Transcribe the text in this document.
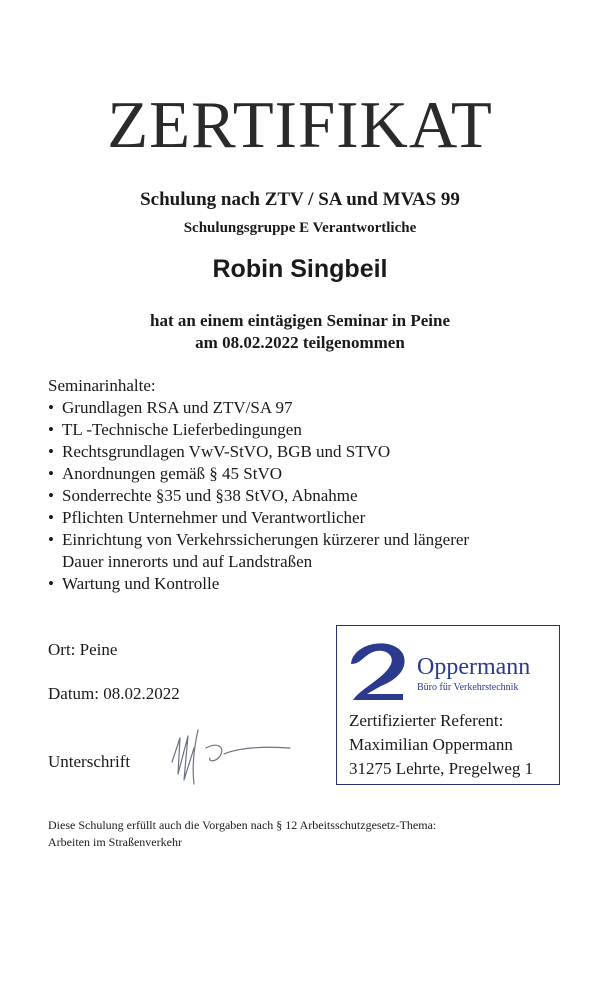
ZERTIFIKAT
Schulung nach ZTV / SA und MVAS 99
Schulungsgruppe E Verantwortliche
Robin Singbeil
hat an einem eintägigen Seminar in Peine
am 08.02.2022 teilgenommen
Seminarinhalte:
• Grundlagen RSA und ZTV/SA 97
• TL -Technische Lieferbedingungen
• Rechtsgrundlagen VwV-StVO, BGB und STVO
• Anordnungen gemäß § 45 StVO
• Sonderrechte §35 und §38 StVO, Abnahme
• Pflichten Unternehmer und Verantwortlicher
• Einrichtung von Verkehrssicherungen kürzerer und längerer
Dauer innerorts und auf Landstraßen
• Wartung und Kontrolle
Ort: Peine
Datum: 08.02.2022
Unterschrift
Oppermann
Büro für Verkehrstechnik
Zertifizierter Referent:
Maximilian Oppermann
31275 Lehrte, Pregelweg 1
Diese Schulung erfüllt auch die Vorgaben nach § 12 Arbeitsschutzgesetz-Thema:
Arbeiten im Straßenverkehr
